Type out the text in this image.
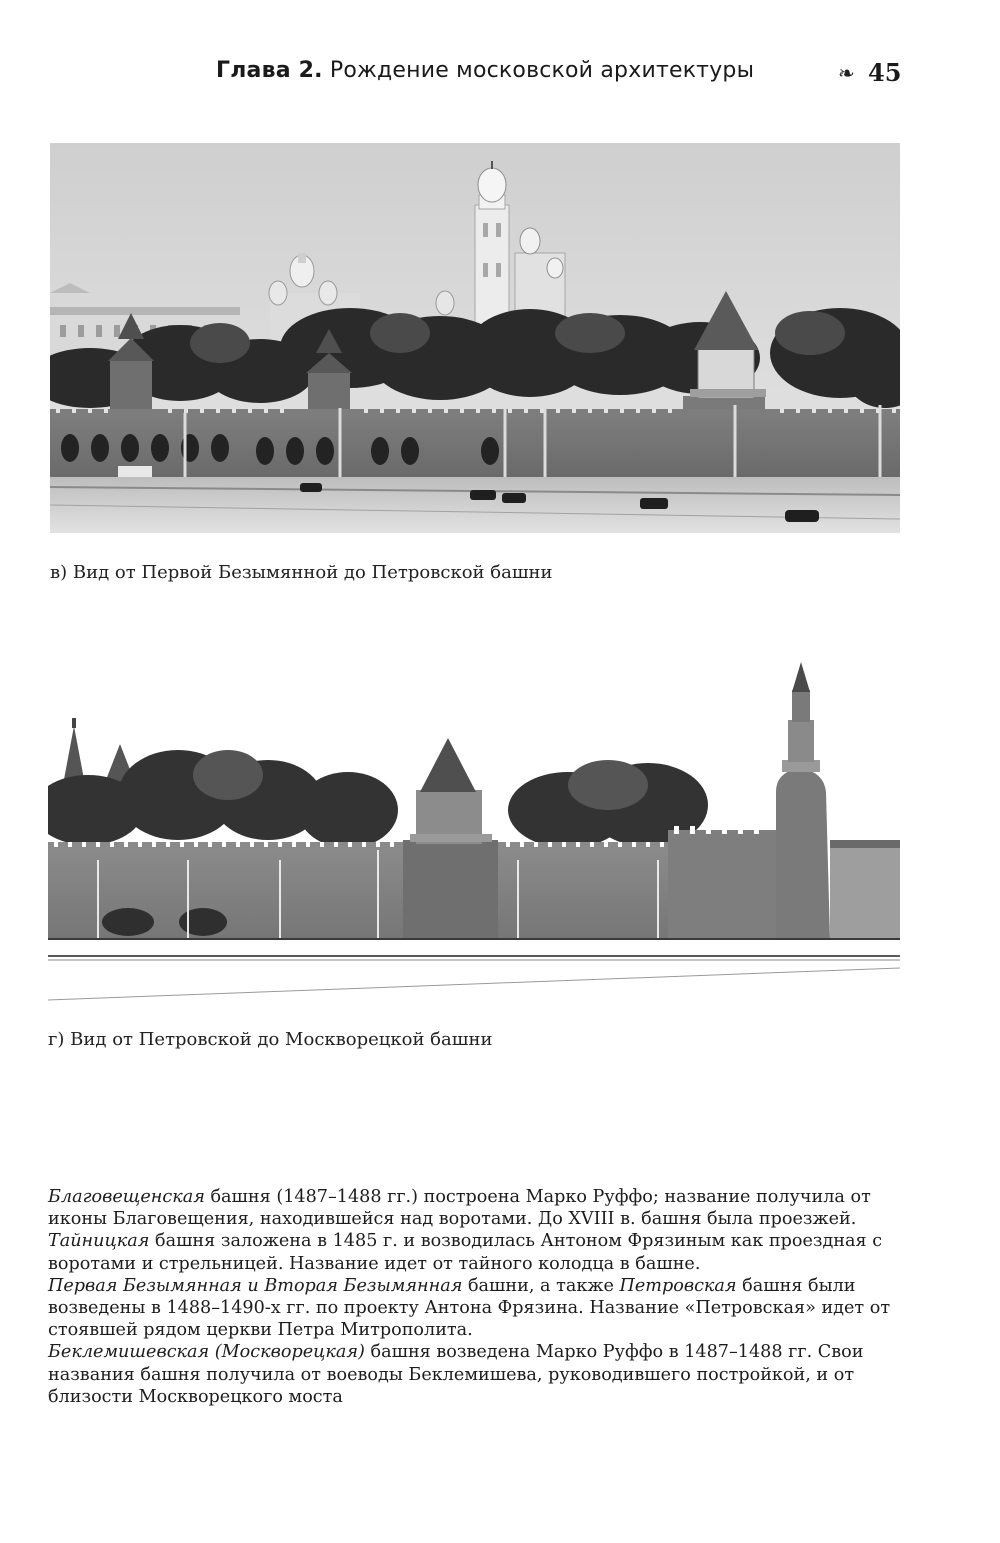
Глава 2. Рождение московской архитектуры	❧ 45
в) Вид от Первой Безымянной до Петровской башни
г) Вид от Петровской до Москворецкой башни

Благовещенская башня (1487–1488 гг.) построена Марко Руффо; название получила от иконы Благовещения, находившейся над воротами. До XVIII в. башня была проезжей.

Тайницкая башня заложена в 1485 г. и возводилась Антоном Фрязиным как проездная с воротами и стрельницей. Название идет от тайного колодца в башне.

Первая Безымянная и Вторая Безымянная башни, а также Петровская башня были возведены в 1488–1490-х гг. по проекту Антона Фрязина. Название «Петровская» идет от стоявшей рядом церкви Петра Митрополита.

Беклемишевская (Москворецкая) башня возведена Марко Руффо в 1487–1488 гг. Свои названия башня получила от воеводы Беклемишева, руководившего постройкой, и от близости Москворецкого моста
